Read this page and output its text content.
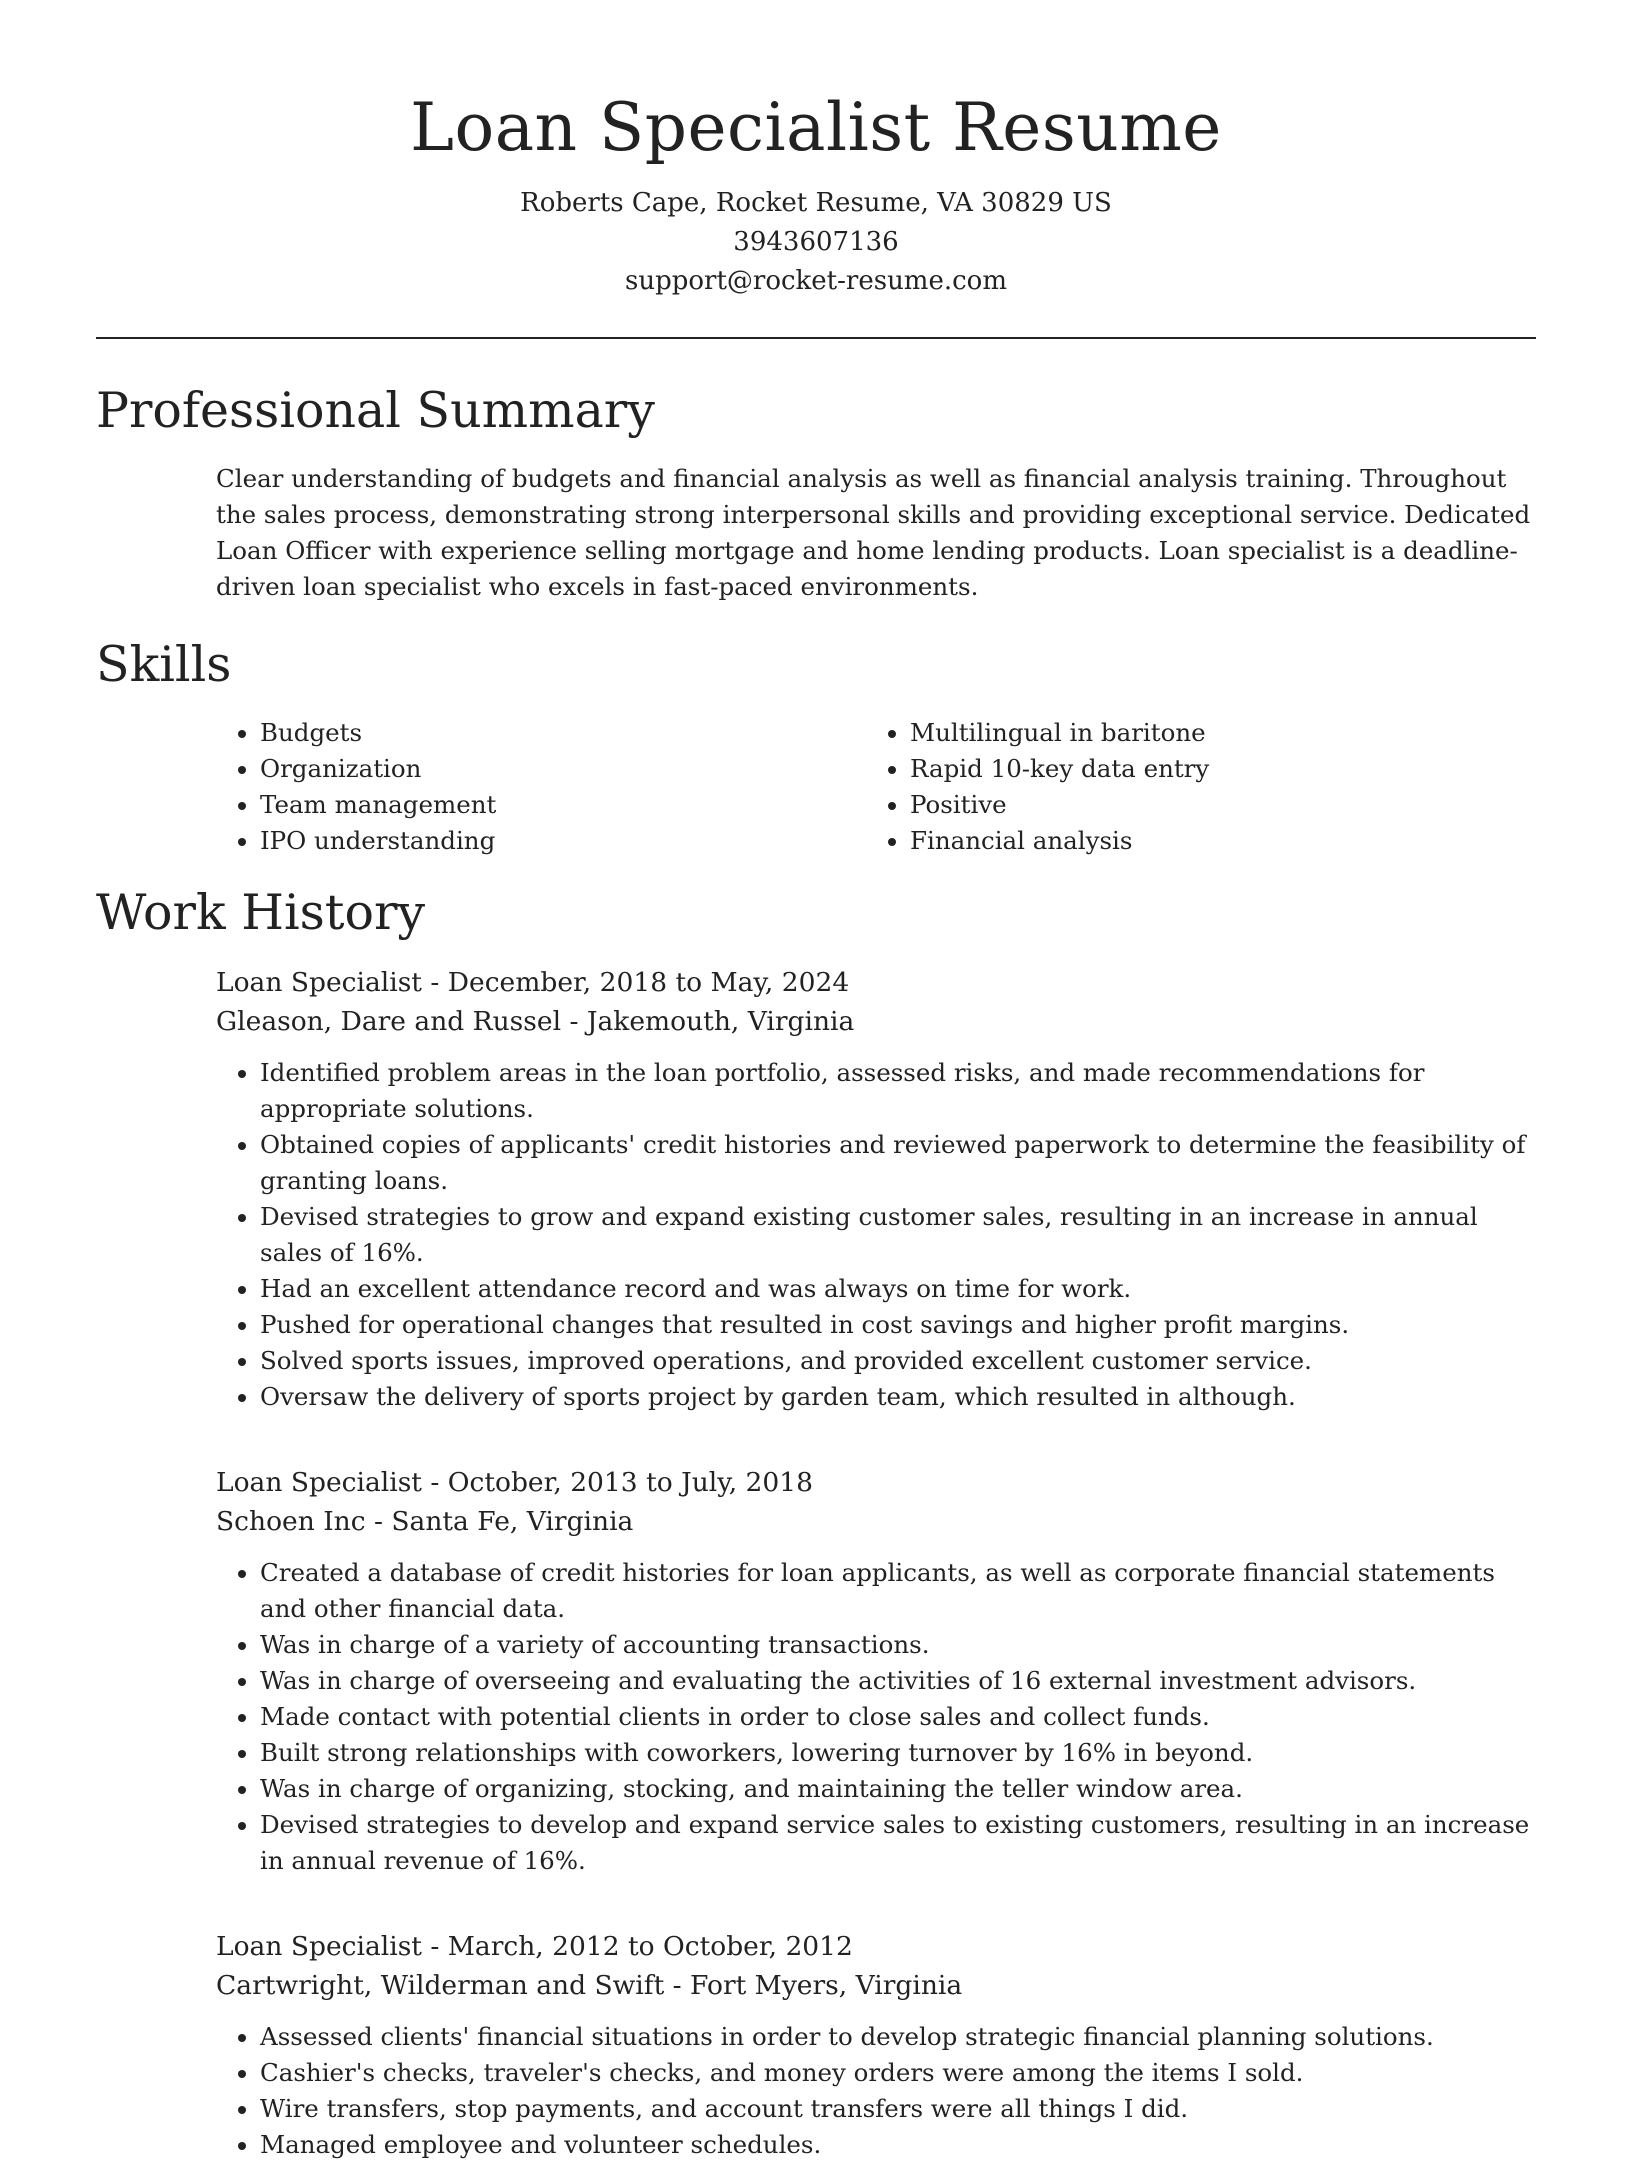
Loan Specialist Resume
Roberts Cape, Rocket Resume, VA 30829 US
3943607136
support@rocket-resume.com
Professional Summary
Clear understanding of budgets and financial analysis as well as financial analysis training. Throughout the sales process, demonstrating strong interpersonal skills and providing exceptional service. Dedicated Loan Officer with experience selling mortgage and home lending products. Loan specialist is a deadline-driven loan specialist who excels in fast-paced environments.
Skills
• Budgets
• Organization
• Team management
• IPO understanding
• Multilingual in baritone
• Rapid 10-key data entry
• Positive
• Financial analysis
Work History
Loan Specialist - December, 2018 to May, 2024
Gleason, Dare and Russel - Jakemouth, Virginia
• Identified problem areas in the loan portfolio, assessed risks, and made recommendations for appropriate solutions.
• Obtained copies of applicants' credit histories and reviewed paperwork to determine the feasibility of granting loans.
• Devised strategies to grow and expand existing customer sales, resulting in an increase in annual sales of 16%.
• Had an excellent attendance record and was always on time for work.
• Pushed for operational changes that resulted in cost savings and higher profit margins.
• Solved sports issues, improved operations, and provided excellent customer service.
• Oversaw the delivery of sports project by garden team, which resulted in although.
Loan Specialist - October, 2013 to July, 2018
Schoen Inc - Santa Fe, Virginia
• Created a database of credit histories for loan applicants, as well as corporate financial statements and other financial data.
• Was in charge of a variety of accounting transactions.
• Was in charge of overseeing and evaluating the activities of 16 external investment advisors.
• Made contact with potential clients in order to close sales and collect funds.
• Built strong relationships with coworkers, lowering turnover by 16% in beyond.
• Was in charge of organizing, stocking, and maintaining the teller window area.
• Devised strategies to develop and expand service sales to existing customers, resulting in an increase in annual revenue of 16%.
Loan Specialist - March, 2012 to October, 2012
Cartwright, Wilderman and Swift - Fort Myers, Virginia
• Assessed clients' financial situations in order to develop strategic financial planning solutions.
• Cashier's checks, traveler's checks, and money orders were among the items I sold.
• Wire transfers, stop payments, and account transfers were all things I did.
• Managed employee and volunteer schedules.
